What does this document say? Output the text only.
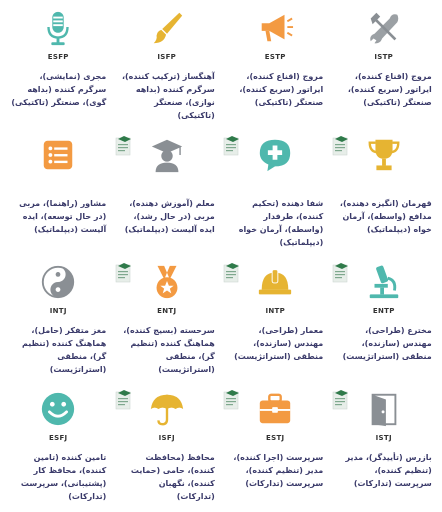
ESFP
مجری (نمایشی)، سرگرم کننده (بداهه گوی)، صنعتگر (تاکتیکی)
ISFP
آهنگساز (ترکیب کننده)، سرگرم کننده (بداهه نوازی)، صنعتگر (تاکتیکی)
ESTP
مروج (اقناع کننده)، ایراتور (سریع کننده)، صنعتگر (تاکتیکی)
ISTP
مروج (اقناع کننده)، ایراتور (سریع کننده)، صنعتگر (تاکتیکی)
مشاور (راهنما)، مربی (در حال توسعه)، ایده آلیست (دیپلماتیک)
معلم (آموزش دهنده)، مربی (در حال رشد)، ایده آلیست (دیپلماتیک)
شفا دهنده (تحکیم کننده)، طرفدار (واسطه)، آرمان خواه (دیپلماتیک)
قهرمان (انگیزه دهنده)، مدافع (واسطه)، آرمان خواه (دیپلماتیک)
INTJ
مغز متفکر (حامل)، هماهنگ کننده (تنظیم گر)، منطقی (استراتژیست)
ENTJ
سرحسته (بسیج کننده)، هماهنگ کننده (تنظیم گر)، منطقی (استراتژیست)
INTP
معمار (طراحی)، مهندس (سازنده)، منطقی (استراتژیست)
ENTP
مخترع (طراحی)، مهندس (سازنده)، منطقی (استراتژیست)
ESFJ
تامین کننده (تامین کننده)، محافظ کار (پشتیبانی)، سرپرست (تدارکات)
ISFJ
محافظ (محافظت کننده)، حامی (حمایت کننده)، نگهبان (تدارکات)
ESTJ
سرپرست (اجرا کننده)، مدیر (تنظیم کننده)، سرپرست (تدارکات)
ISTJ
بازرس (تأییدگر)، مدیر (تنظیم کننده)، سرپرست (تدارکات)
